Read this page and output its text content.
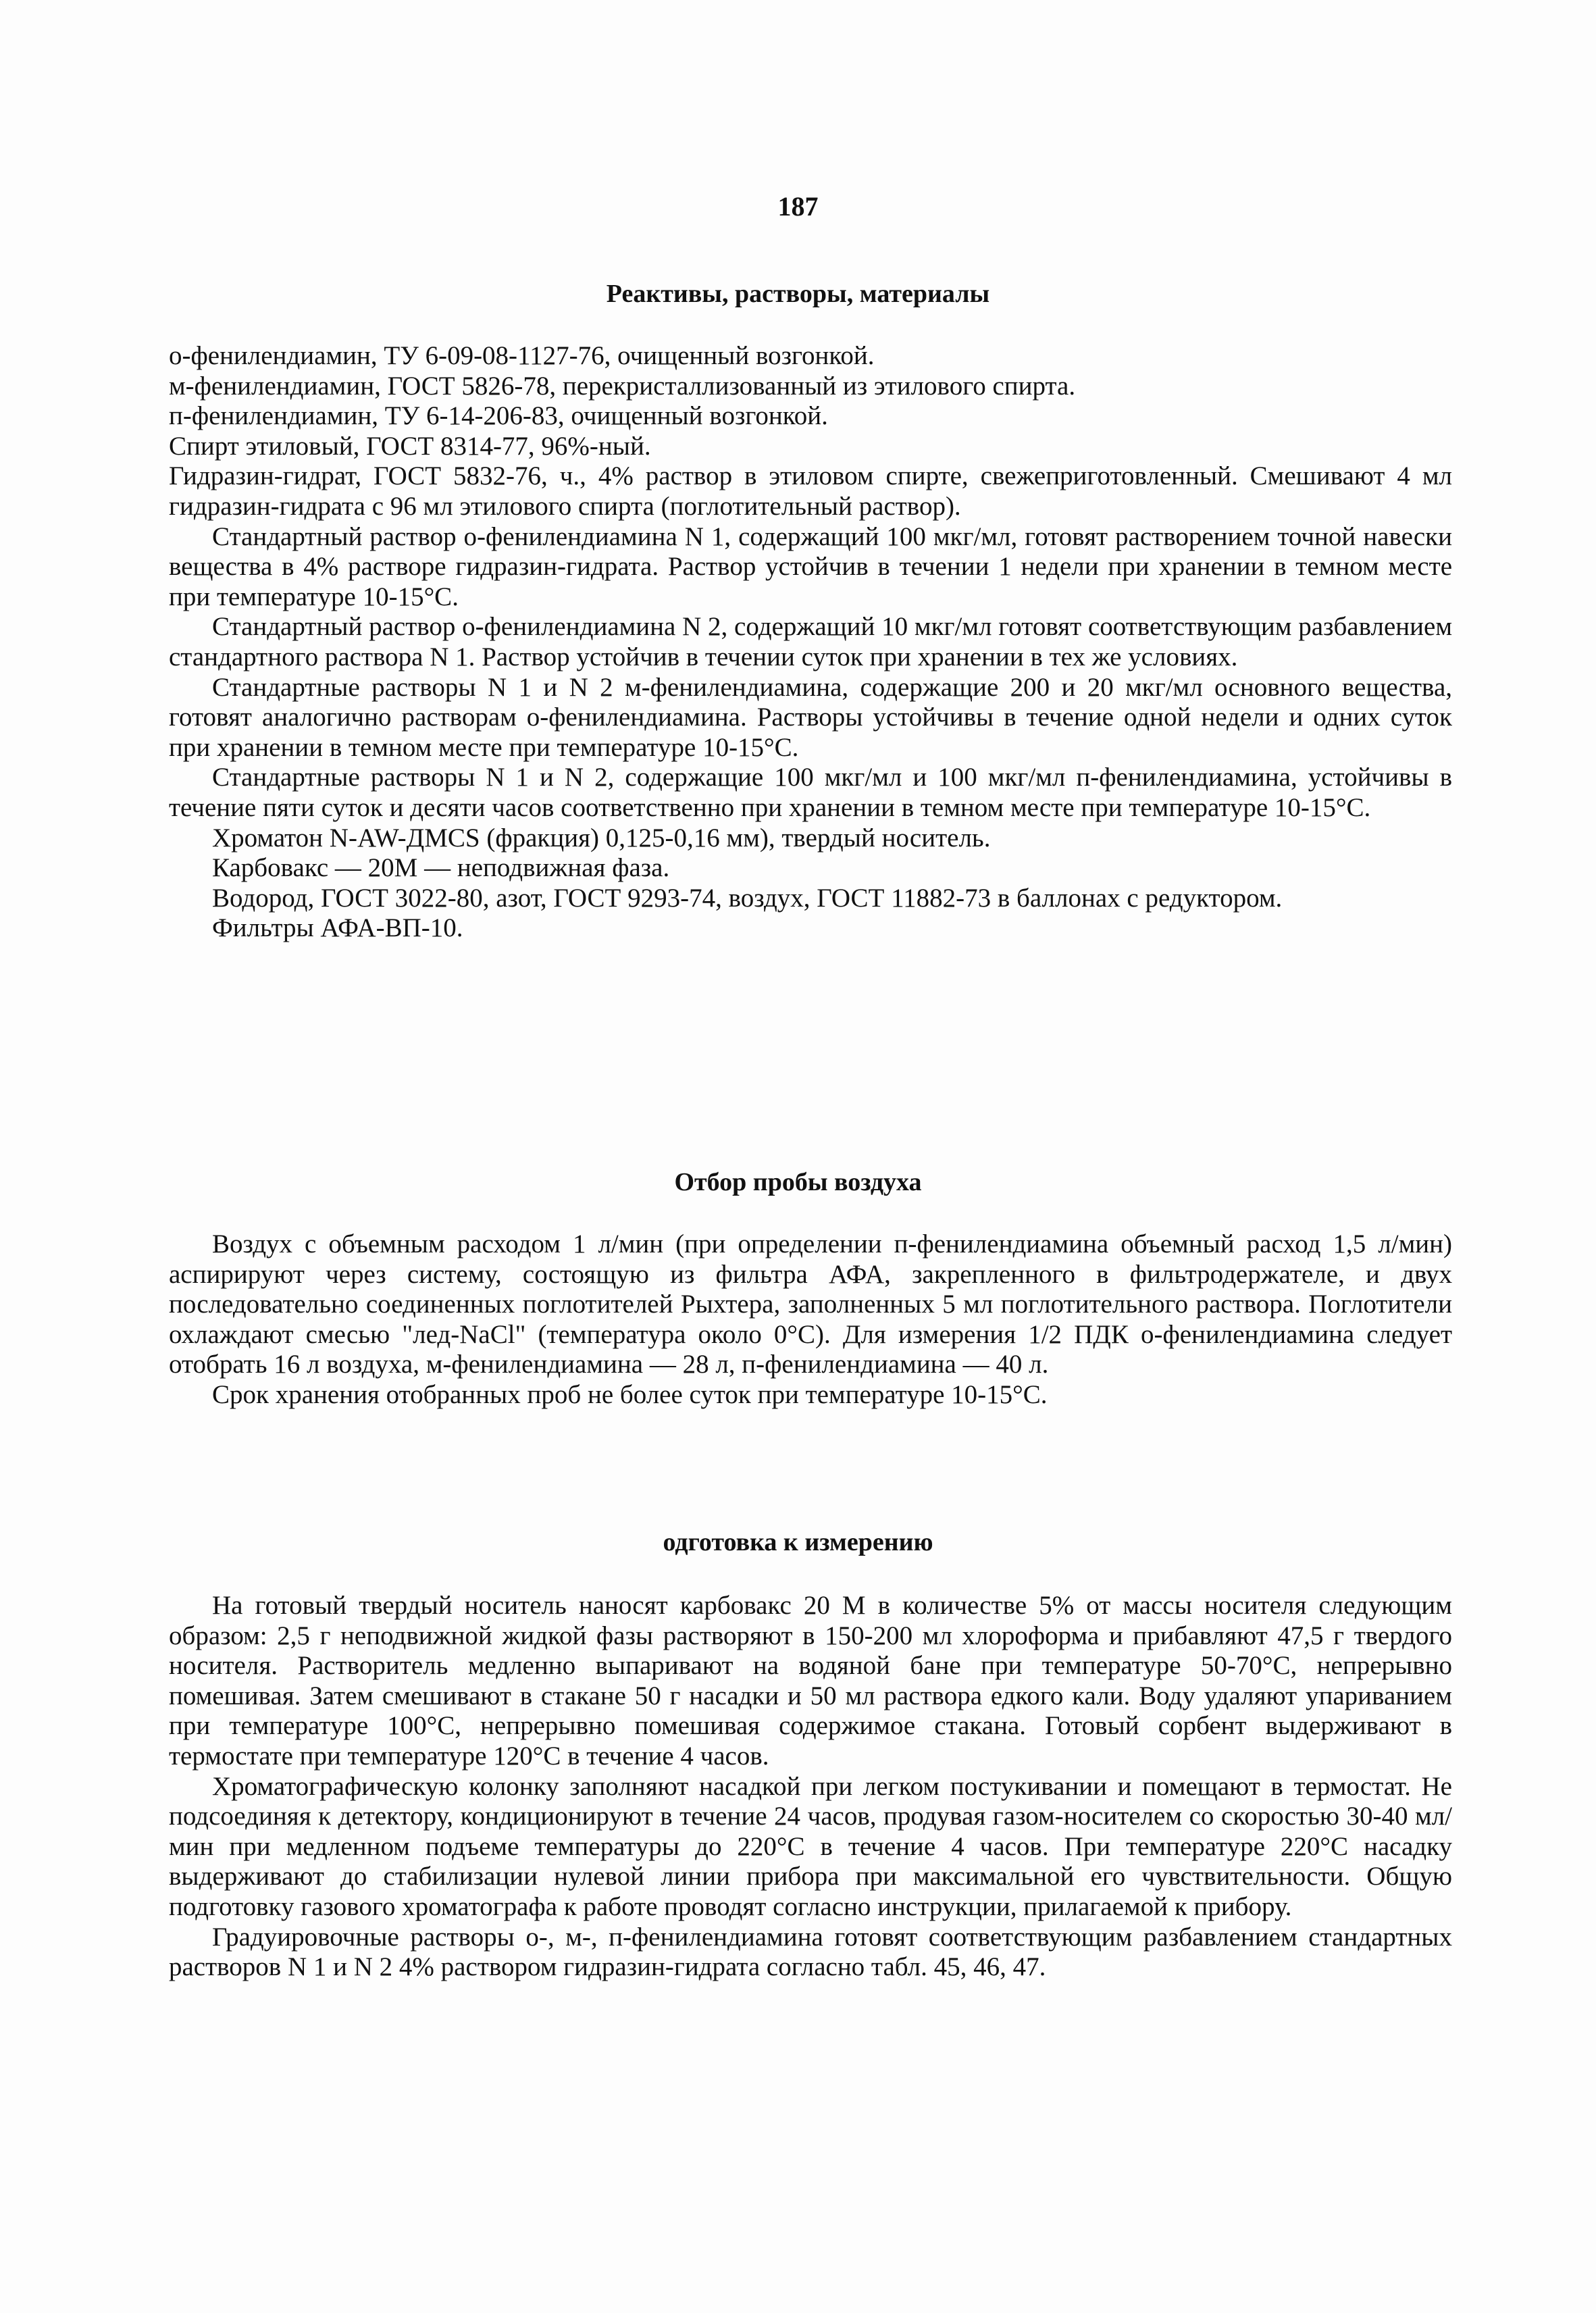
187
Реактивы, растворы, материалы

о-фенилендиамин, ТУ 6-09-08-1127-76, очищенный возгонкой.

м-фенилендиамин, ГОСТ 5826-78, перекристаллизованный из этилового спирта.

п-фенилендиамин, ТУ 6-14-206-83, очищенный возгонкой.

Спирт этиловый, ГОСТ 8314-77, 96%-ный.

Гидразин-гидрат, ГОСТ 5832-76, ч., 4% раствор в этиловом спирте, свежеприготовленный. Смешивают 4 мл гидразин-гидрата с 96 мл этилового спирта (поглотительный раствор).

Стандартный раствор о-фенилендиамина N 1, содержащий 100 мкг/мл, готовят растворением точной навески вещества в 4% растворе гидразин-гидрата. Раствор устойчив в течении 1 недели при хранении в темном месте при температуре 10-15°С.

Стандартный раствор о-фенилендиамина N 2, содержащий 10 мкг/мл готовят соответствующим разбавлением стандартного раствора N 1. Раствор устойчив в течении суток при хранении в тех же условиях.

Стандартные растворы N 1 и N 2 м-фенилендиамина, содержащие 200 и 20 мкг/мл основного вещества, готовят аналогично растворам о-фенилендиамина. Растворы устойчивы в течение одной недели и одних суток при хранении в темном месте при температуре 10-15°С.

Стандартные растворы N 1 и N 2, содержащие 100 мкг/мл и 100 мкг/мл п-фенилендиамина, устойчивы в течение пяти суток и десяти часов соответственно при хранении в темном месте при температуре 10-15°С.

Хроматон N-AW-ДМCS (фракция) 0,125-0,16 мм), твердый носитель.

Карбовакс — 20М — неподвижная фаза.

Водород, ГОСТ 3022-80, азот, ГОСТ 9293-74, воздух, ГОСТ 11882-73 в баллонах с редуктором.

Фильтры АФА-ВП-10.

Отбор пробы воздуха

Воздух с объемным расходом 1 л/мин (при определении п-фенилендиамина объемный расход 1,5 л/мин) аспирируют через систему, состоящую из фильтра АФА, закрепленного в фильтродержателе, и двух последовательно соединенных поглотителей Рыхтера, заполненных 5 мл поглотительного раствора. Поглотители охлаждают смесью "лед-NaCl" (температура около 0°С). Для измерения 1/2 ПДК о-фенилендиамина следует отобрать 16 л воздуха, м-фенилендиамина — 28 л, п-фенилендиамина — 40 л.

Срок хранения отобранных проб не более суток при температуре 10-15°С.

одготовка к измерению

На готовый твердый носитель наносят карбовакс 20 М в количестве 5% от массы носителя следующим образом: 2,5 г неподвижной жидкой фазы растворяют в 150-200 мл хлороформа и прибавляют 47,5 г твердого носителя. Растворитель медленно выпаривают на водяной бане при температуре 50-70°С, непрерывно помешивая. Затем смешивают в стакане 50 г насадки и 50 мл раствора едкого кали. Воду удаляют упариванием при температуре 100°С, непрерывно помешивая содержимое стакана. Готовый сорбент выдерживают в термостате при температуре 120°С в течение 4 часов.

Хроматографическую колонку заполняют насадкой при легком постукивании и помещают в термостат. Не подсоединяя к детектору, кондиционируют в течение 24 часов, продувая газом-носителем со скоростью 30-40 мл/мин при медленном подъеме температуры до 220°С в течение 4 часов. При температуре 220°С насадку выдерживают до стабилизации нулевой линии прибора при максимальной его чувствительности. Общую подготовку газового хроматографа к работе проводят согласно инструкции, прилагаемой к прибору.

Градуировочные растворы о-, м-, п-фенилендиамина готовят соответствующим разбавлением стандартных растворов N 1 и N 2 4% раствором гидразин-гидрата согласно табл. 45, 46, 47.
